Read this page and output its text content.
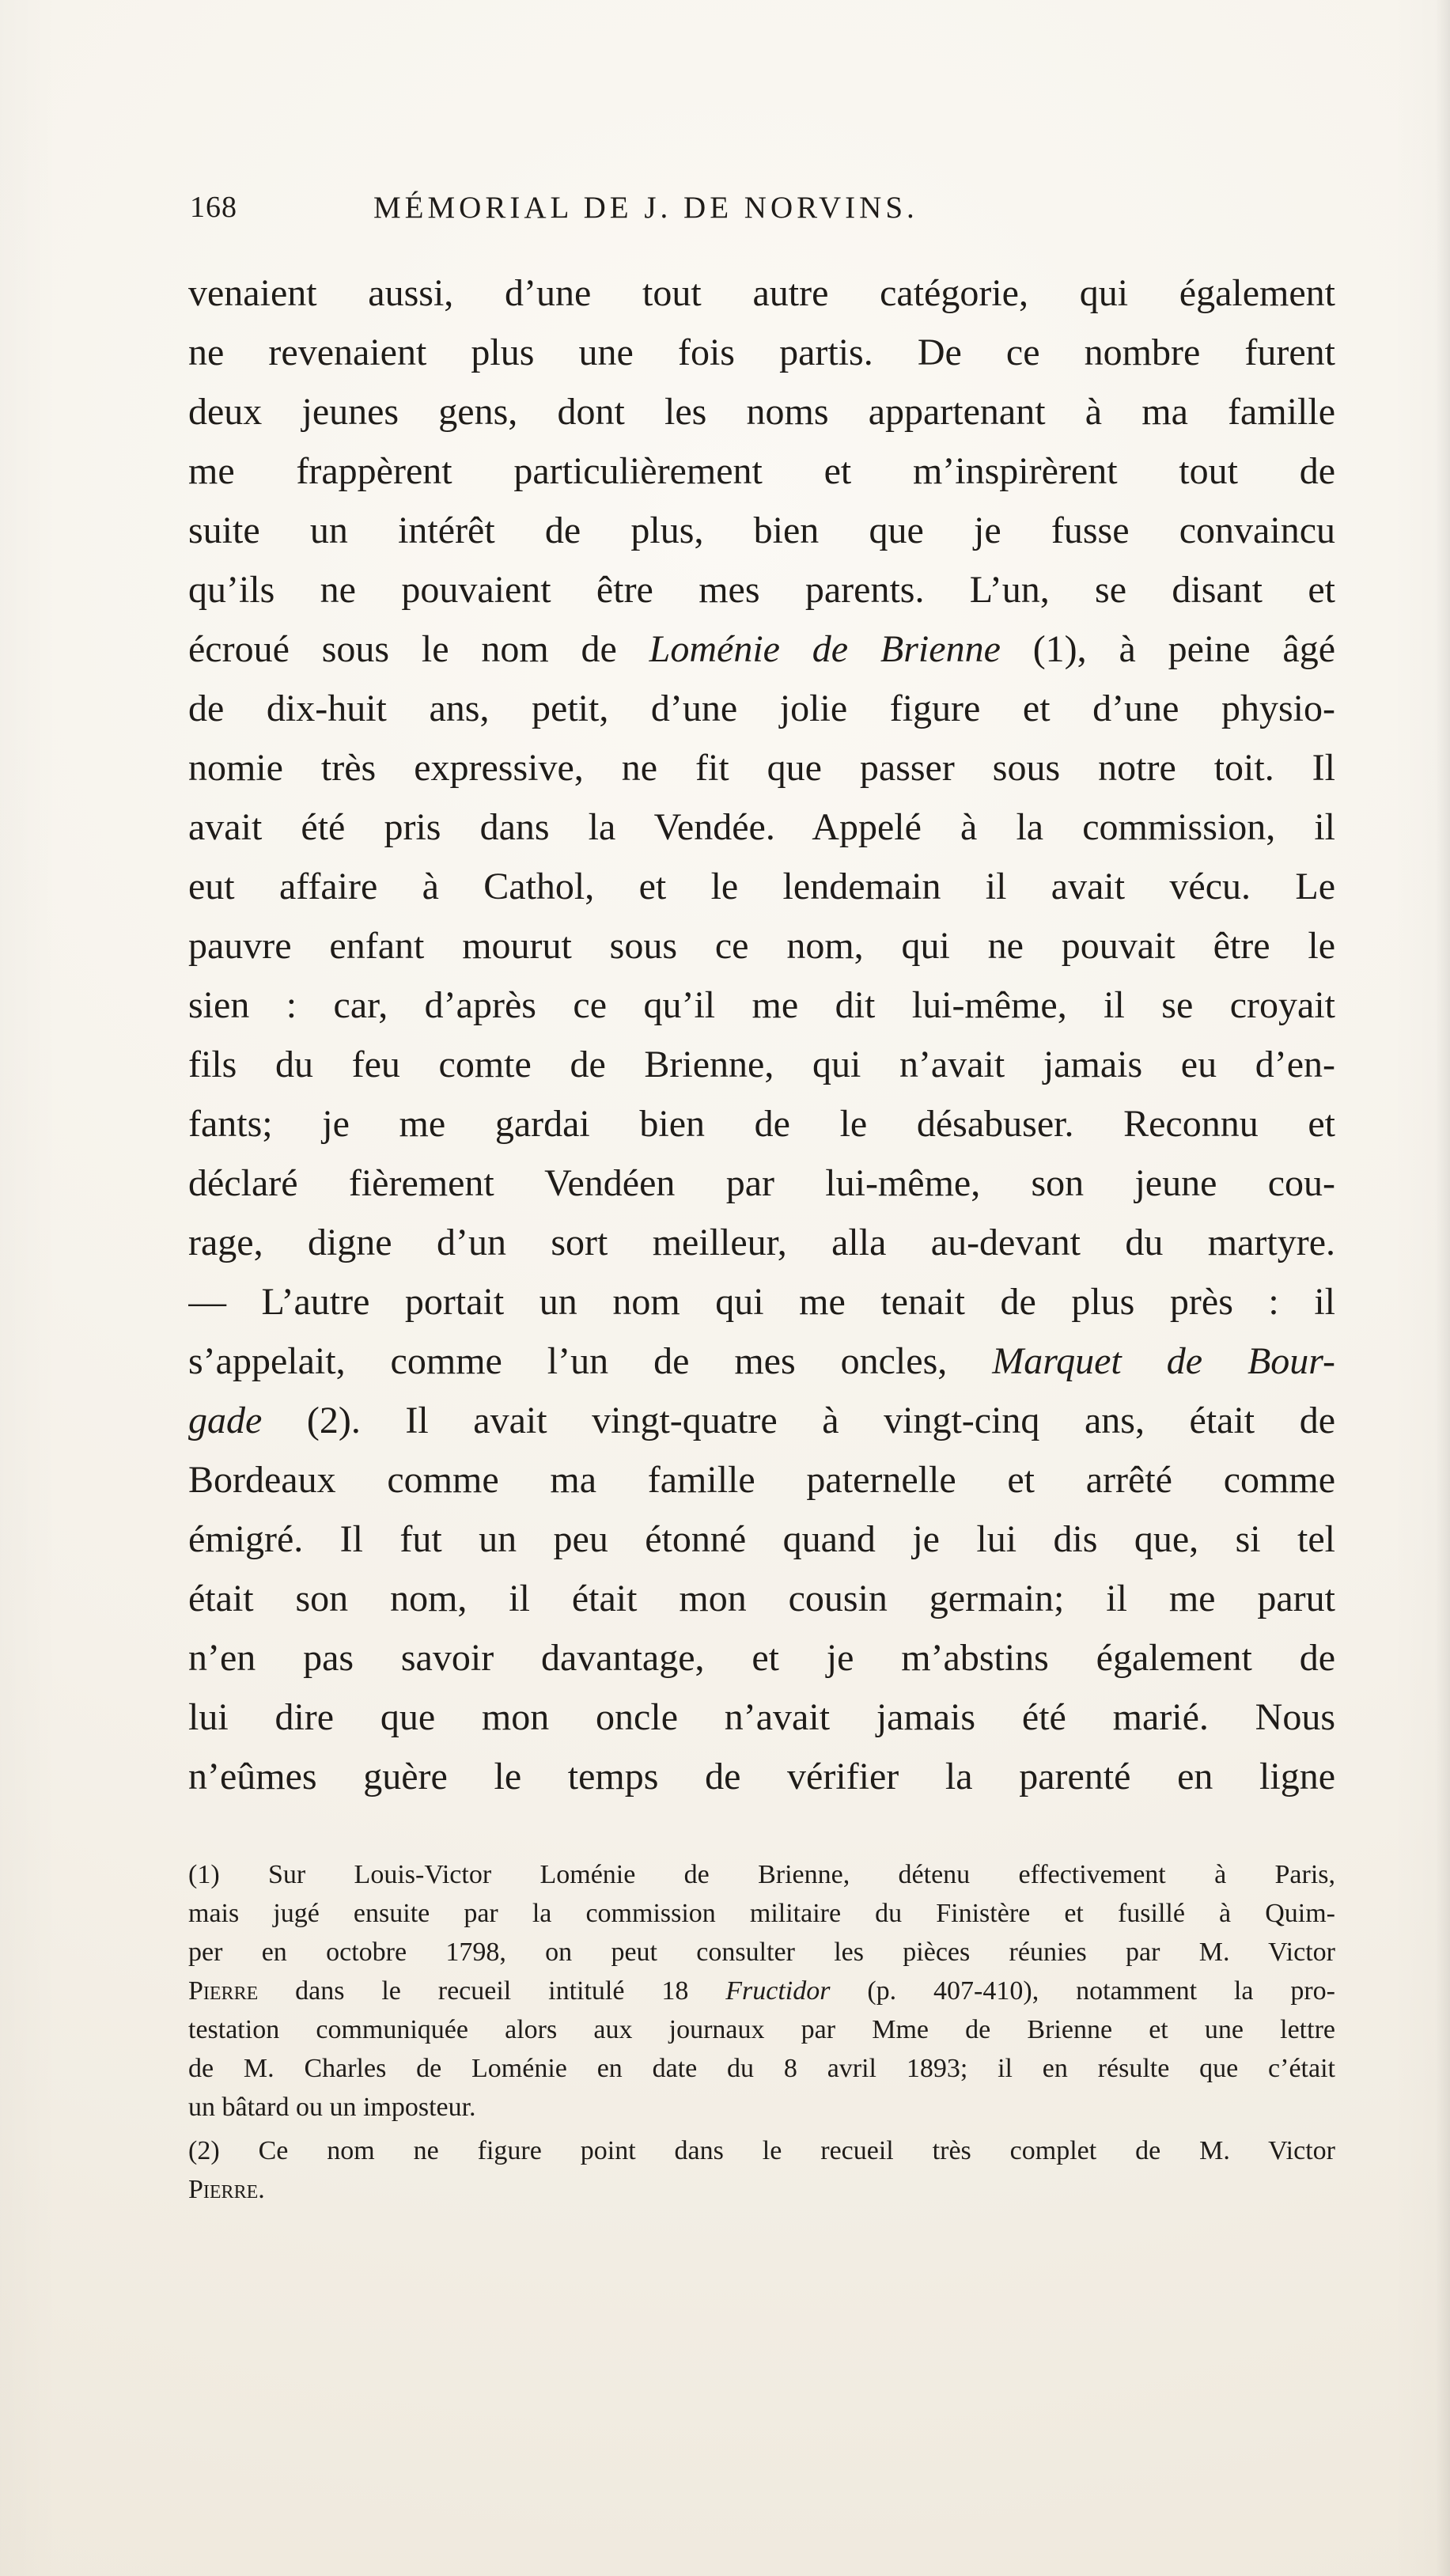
168	MÉMORIAL DE J. DE NORVINS.
venaient aussi, d’une tout autre catégorie, qui également
ne revenaient plus une fois partis. De ce nombre furent
deux jeunes gens, dont les noms appartenant à ma famille
me frappèrent particulièrement et m’inspirèrent tout de
suite un intérêt de plus, bien que je fusse convaincu
qu’ils ne pouvaient être mes parents. L’un, se disant et
écroué sous le nom de Loménie de Brienne (1), à peine âgé
de dix-huit ans, petit, d’une jolie figure et d’une physio-
nomie très expressive, ne fit que passer sous notre toit. Il
avait été pris dans la Vendée. Appelé à la commission, il
eut affaire à Cathol, et le lendemain il avait vécu. Le
pauvre enfant mourut sous ce nom, qui ne pouvait être le
sien : car, d’après ce qu’il me dit lui-même, il se croyait
fils du feu comte de Brienne, qui n’avait jamais eu d’en-
fants; je me gardai bien de le désabuser. Reconnu et
déclaré fièrement Vendéen par lui-même, son jeune cou-
rage, digne d’un sort meilleur, alla au-devant du martyre.
— L’autre portait un nom qui me tenait de plus près : il
s’appelait, comme l’un de mes oncles, Marquet de Bour-
gade (2). Il avait vingt-quatre à vingt-cinq ans, était de
Bordeaux comme ma famille paternelle et arrêté comme
émigré. Il fut un peu étonné quand je lui dis que, si tel
était son nom, il était mon cousin germain; il me parut
n’en pas savoir davantage, et je m’abstins également de
lui dire que mon oncle n’avait jamais été marié. Nous
n’eûmes guère le temps de vérifier la parenté en ligne
(1) Sur Louis-Victor Loménie de Brienne, détenu effectivement à Paris,
mais jugé ensuite par la commission militaire du Finistère et fusillé à Quim-
per en octobre 1798, on peut consulter les pièces réunies par M. Victor
Pierre dans le recueil intitulé 18 Fructidor (p. 407-410), notamment la pro-
testation communiquée alors aux journaux par Mme de Brienne et une lettre
de M. Charles de Loménie en date du 8 avril 1893; il en résulte que c’était
un bâtard ou un imposteur.
(2) Ce nom ne figure point dans le recueil très complet de M. Victor
Pierre.
